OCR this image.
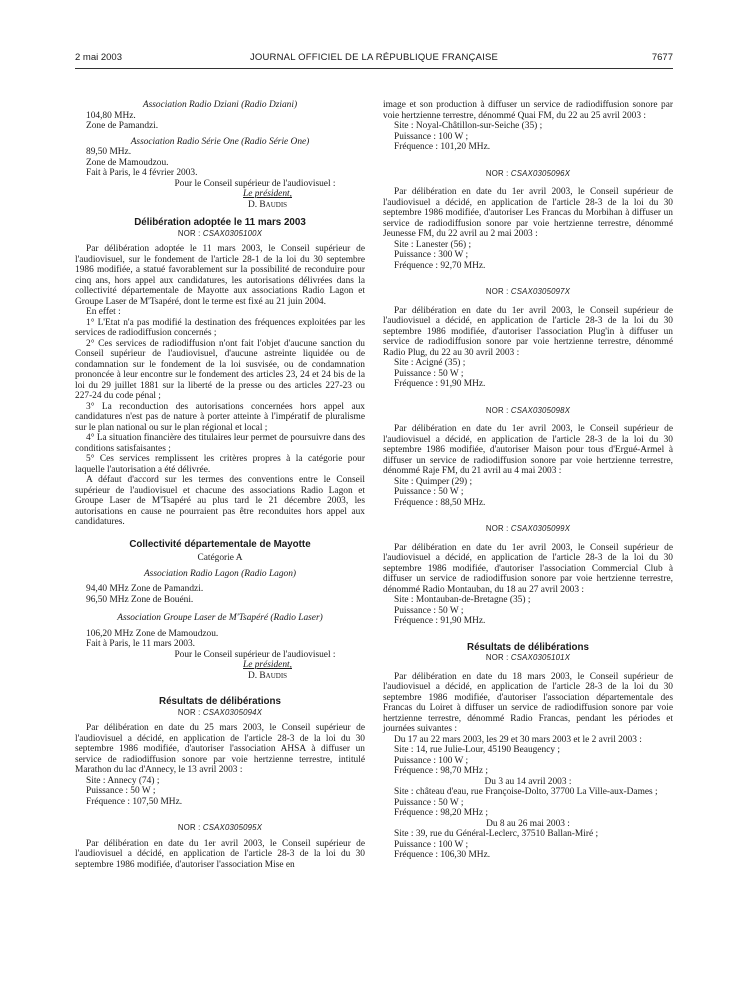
2 mai 2003	JOURNAL OFFICIEL DE LA RÉPUBLIQUE FRANÇAISE	7677
Association Radio Dziani (Radio Dziani)
104,80 MHz.
Zone de Pamandzi.
Association Radio Série One (Radio Série One)
89,50 MHz.
Zone de Mamoudzou.
Fait à Paris, le 4 février 2003.
Pour le Conseil supérieur de l'audiovisuel :
Le président,
D. Baudis
Délibération adoptée le 11 mars 2003
NOR : CSAX0305100X
Par délibération adoptée le 11 mars 2003, le Conseil supérieur de l'audiovisuel, sur le fondement de l'article 28-1 de la loi du 30 septembre 1986 modifiée, a statué favorablement sur la possibilité de reconduire pour cinq ans, hors appel aux candidatures, les autorisations délivrées dans la collectivité départementale de Mayotte aux associations Radio Lagon et Groupe Laser de M'Tsapéré, dont le terme est fixé au 21 juin 2004.
En effet :
1° L'Etat n'a pas modifié la destination des fréquences exploitées par les services de radiodiffusion concernés ;
2° Ces services de radiodiffusion n'ont fait l'objet d'aucune sanction du Conseil supérieur de l'audiovisuel, d'aucune astreinte liquidée ou de condamnation sur le fondement de la loi susvisée, ou de condamnation prononcée à leur encontre sur le fondement des articles 23, 24 et 24 bis de la loi du 29 juillet 1881 sur la liberté de la presse ou des articles 227-23 ou 227-24 du code pénal ;
3° La reconduction des autorisations concernées hors appel aux candidatures n'est pas de nature à porter atteinte à l'impératif de pluralisme sur le plan national ou sur le plan régional et local ;
4° La situation financière des titulaires leur permet de poursuivre dans des conditions satisfaisantes ;
5° Ces services remplissent les critères propres à la catégorie pour laquelle l'autorisation a été délivrée.
A défaut d'accord sur les termes des conventions entre le Conseil supérieur de l'audiovisuel et chacune des associations Radio Lagon et Groupe Laser de M'Tsapéré au plus tard le 21 décembre 2003, les autorisations en cause ne pourraient pas être reconduites hors appel aux candidatures.
Collectivité départementale de Mayotte
Catégorie A
Association Radio Lagon (Radio Lagon)
94,40 MHz Zone de Pamandzi.
96,50 MHz Zone de Bouéni.
Association Groupe Laser de M'Tsapéré (Radio Laser)
106,20 MHz Zone de Mamoudzou.
Fait à Paris, le 11 mars 2003.
Pour le Conseil supérieur de l'audiovisuel :
Le président,
D. Baudis
Résultats de délibérations
NOR : CSAX0305094X
Par délibération en date du 25 mars 2003, le Conseil supérieur de l'audiovisuel a décidé, en application de l'article 28-3 de la loi du 30 septembre 1986 modifiée, d'autoriser l'association AHSA à diffuser un service de radiodiffusion sonore par voie hertzienne terrestre, intitulé Marathon du lac d'Annecy, le 13 avril 2003 :
Site : Annecy (74) ;
Puissance : 50 W ;
Fréquence : 107,50 MHz.
NOR : CSAX0305095X
Par délibération en date du 1er avril 2003, le Conseil supérieur de l'audiovisuel a décidé, en application de l'article 28-3 de la loi du 30 septembre 1986 modifiée, d'autoriser l'association Mise en
image et son production à diffuser un service de radiodiffusion sonore par voie hertzienne terrestre, dénommé Quai FM, du 22 au 25 avril 2003 :
Site : Noyal-Châtillon-sur-Seiche (35) ;
Puissance : 100 W ;
Fréquence : 101,20 MHz.
NOR : CSAX0305096X
Par délibération en date du 1er avril 2003, le Conseil supérieur de l'audiovisuel a décidé, en application de l'article 28-3 de la loi du 30 septembre 1986 modifiée, d'autoriser Les Francas du Morbihan à diffuser un service de radiodiffusion sonore par voie hertzienne terrestre, dénommé Jeunesse FM, du 22 avril au 2 mai 2003 :
Site : Lanester (56) ;
Puissance : 300 W ;
Fréquence : 92,70 MHz.
NOR : CSAX0305097X
Par délibération en date du 1er avril 2003, le Conseil supérieur de l'audiovisuel a décidé, en application de l'article 28-3 de la loi du 30 septembre 1986 modifiée, d'autoriser l'association Plug'in à diffuser un service de radiodiffusion sonore par voie hertzienne terrestre, dénommé Radio Plug, du 22 au 30 avril 2003 :
Site : Acigné (35) ;
Puissance : 50 W ;
Fréquence : 91,90 MHz.
NOR : CSAX0305098X
Par délibération en date du 1er avril 2003, le Conseil supérieur de l'audiovisuel a décidé, en application de l'article 28-3 de la loi du 30 septembre 1986 modifiée, d'autoriser Maison pour tous d'Ergué-Armel à diffuser un service de radiodiffusion sonore par voie hertzienne terrestre, dénommé Raje FM, du 21 avril au 4 mai 2003 :
Site : Quimper (29) ;
Puissance : 50 W ;
Fréquence : 88,50 MHz.
NOR : CSAX0305099X
Par délibération en date du 1er avril 2003, le Conseil supérieur de l'audiovisuel a décidé, en application de l'article 28-3 de la loi du 30 septembre 1986 modifiée, d'autoriser l'association Commercial Club à diffuser un service de radiodiffusion sonore par voie hertzienne terrestre, dénommé Radio Montauban, du 18 au 27 avril 2003 :
Site : Montauban-de-Bretagne (35) ;
Puissance : 50 W ;
Fréquence : 91,90 MHz.
Résultats de délibérations
NOR : CSAX0305101X
Par délibération en date du 18 mars 2003, le Conseil supérieur de l'audiovisuel a décidé, en application de l'article 28-3 de la loi du 30 septembre 1986 modifiée, d'autoriser l'association départementale des Francas du Loiret à diffuser un service de radiodiffusion sonore par voie hertzienne terrestre, dénommé Radio Francas, pendant les périodes et journées suivantes :
Du 17 au 22 mars 2003, les 29 et 30 mars 2003 et le 2 avril 2003 :
Site : 14, rue Julie-Lour, 45190 Beaugency ;
Puissance : 100 W ;
Fréquence : 98,70 MHz ;
Du 3 au 14 avril 2003 :
Site : château d'eau, rue Françoise-Dolto, 37700 La Ville-aux-Dames ;
Puissance : 50 W ;
Fréquence : 98,20 MHz ;
Du 8 au 26 mai 2003 :
Site : 39, rue du Général-Leclerc, 37510 Ballan-Miré ;
Puissance : 100 W ;
Fréquence : 106,30 MHz.
